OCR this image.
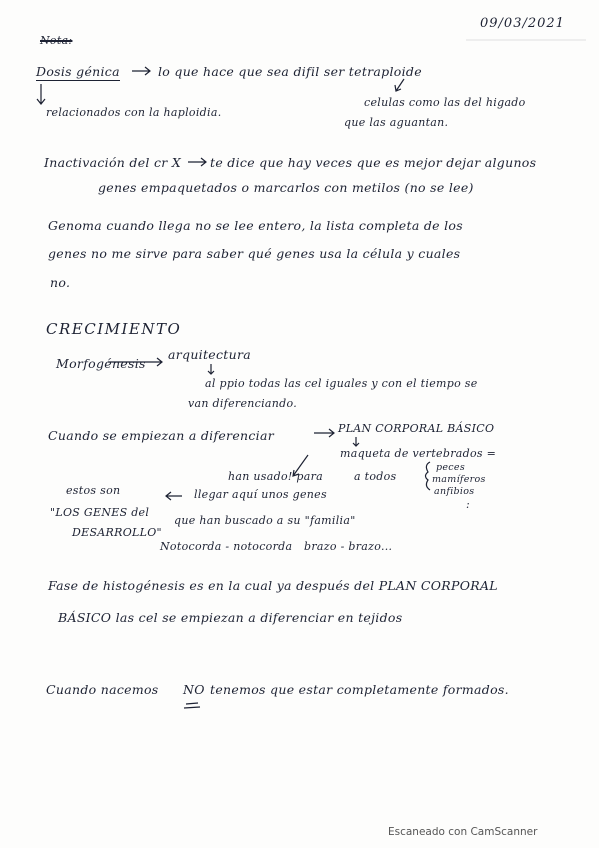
09/03/2021
Nota:
Dosis génica	lo que hace que sea difil ser tetraploide
relacionados con la haploidia.
celulas como las del higado
que las aguantan.
Inactivación del cr X te dice que hay veces que es mejor dejar algunos
genes empaquetados o marcarlos con metilos (no se lee)
Genoma cuando llega no se lee entero, la lista completa de los
genes no me sirve para saber qué genes usa la célula y cuales
no.
CRECIMIENTO
Morfogénesis
arquitectura
al ppio todas las cel iguales y con el tiempo se
van diferenciando.
Cuando se empiezan a diferenciar	PLAN CORPORAL BÁSICO
maqueta de vertebrados =
peces
mamíferos
anfibios
:
han usado! para	a todos
estos son
"LOS GENES del
DESARROLLO"
llegar aquí unos genes
que han buscado a su "familia"
Notocorda - notocorda brazo - brazo...
Fase de histogénesis es en la cual ya después del PLAN CORPORAL
BÁSICO las cel se empiezan a diferenciar en tejidos
Cuando nacemos NO tenemos que estar completamente formados.
Escaneado con CamScanner
